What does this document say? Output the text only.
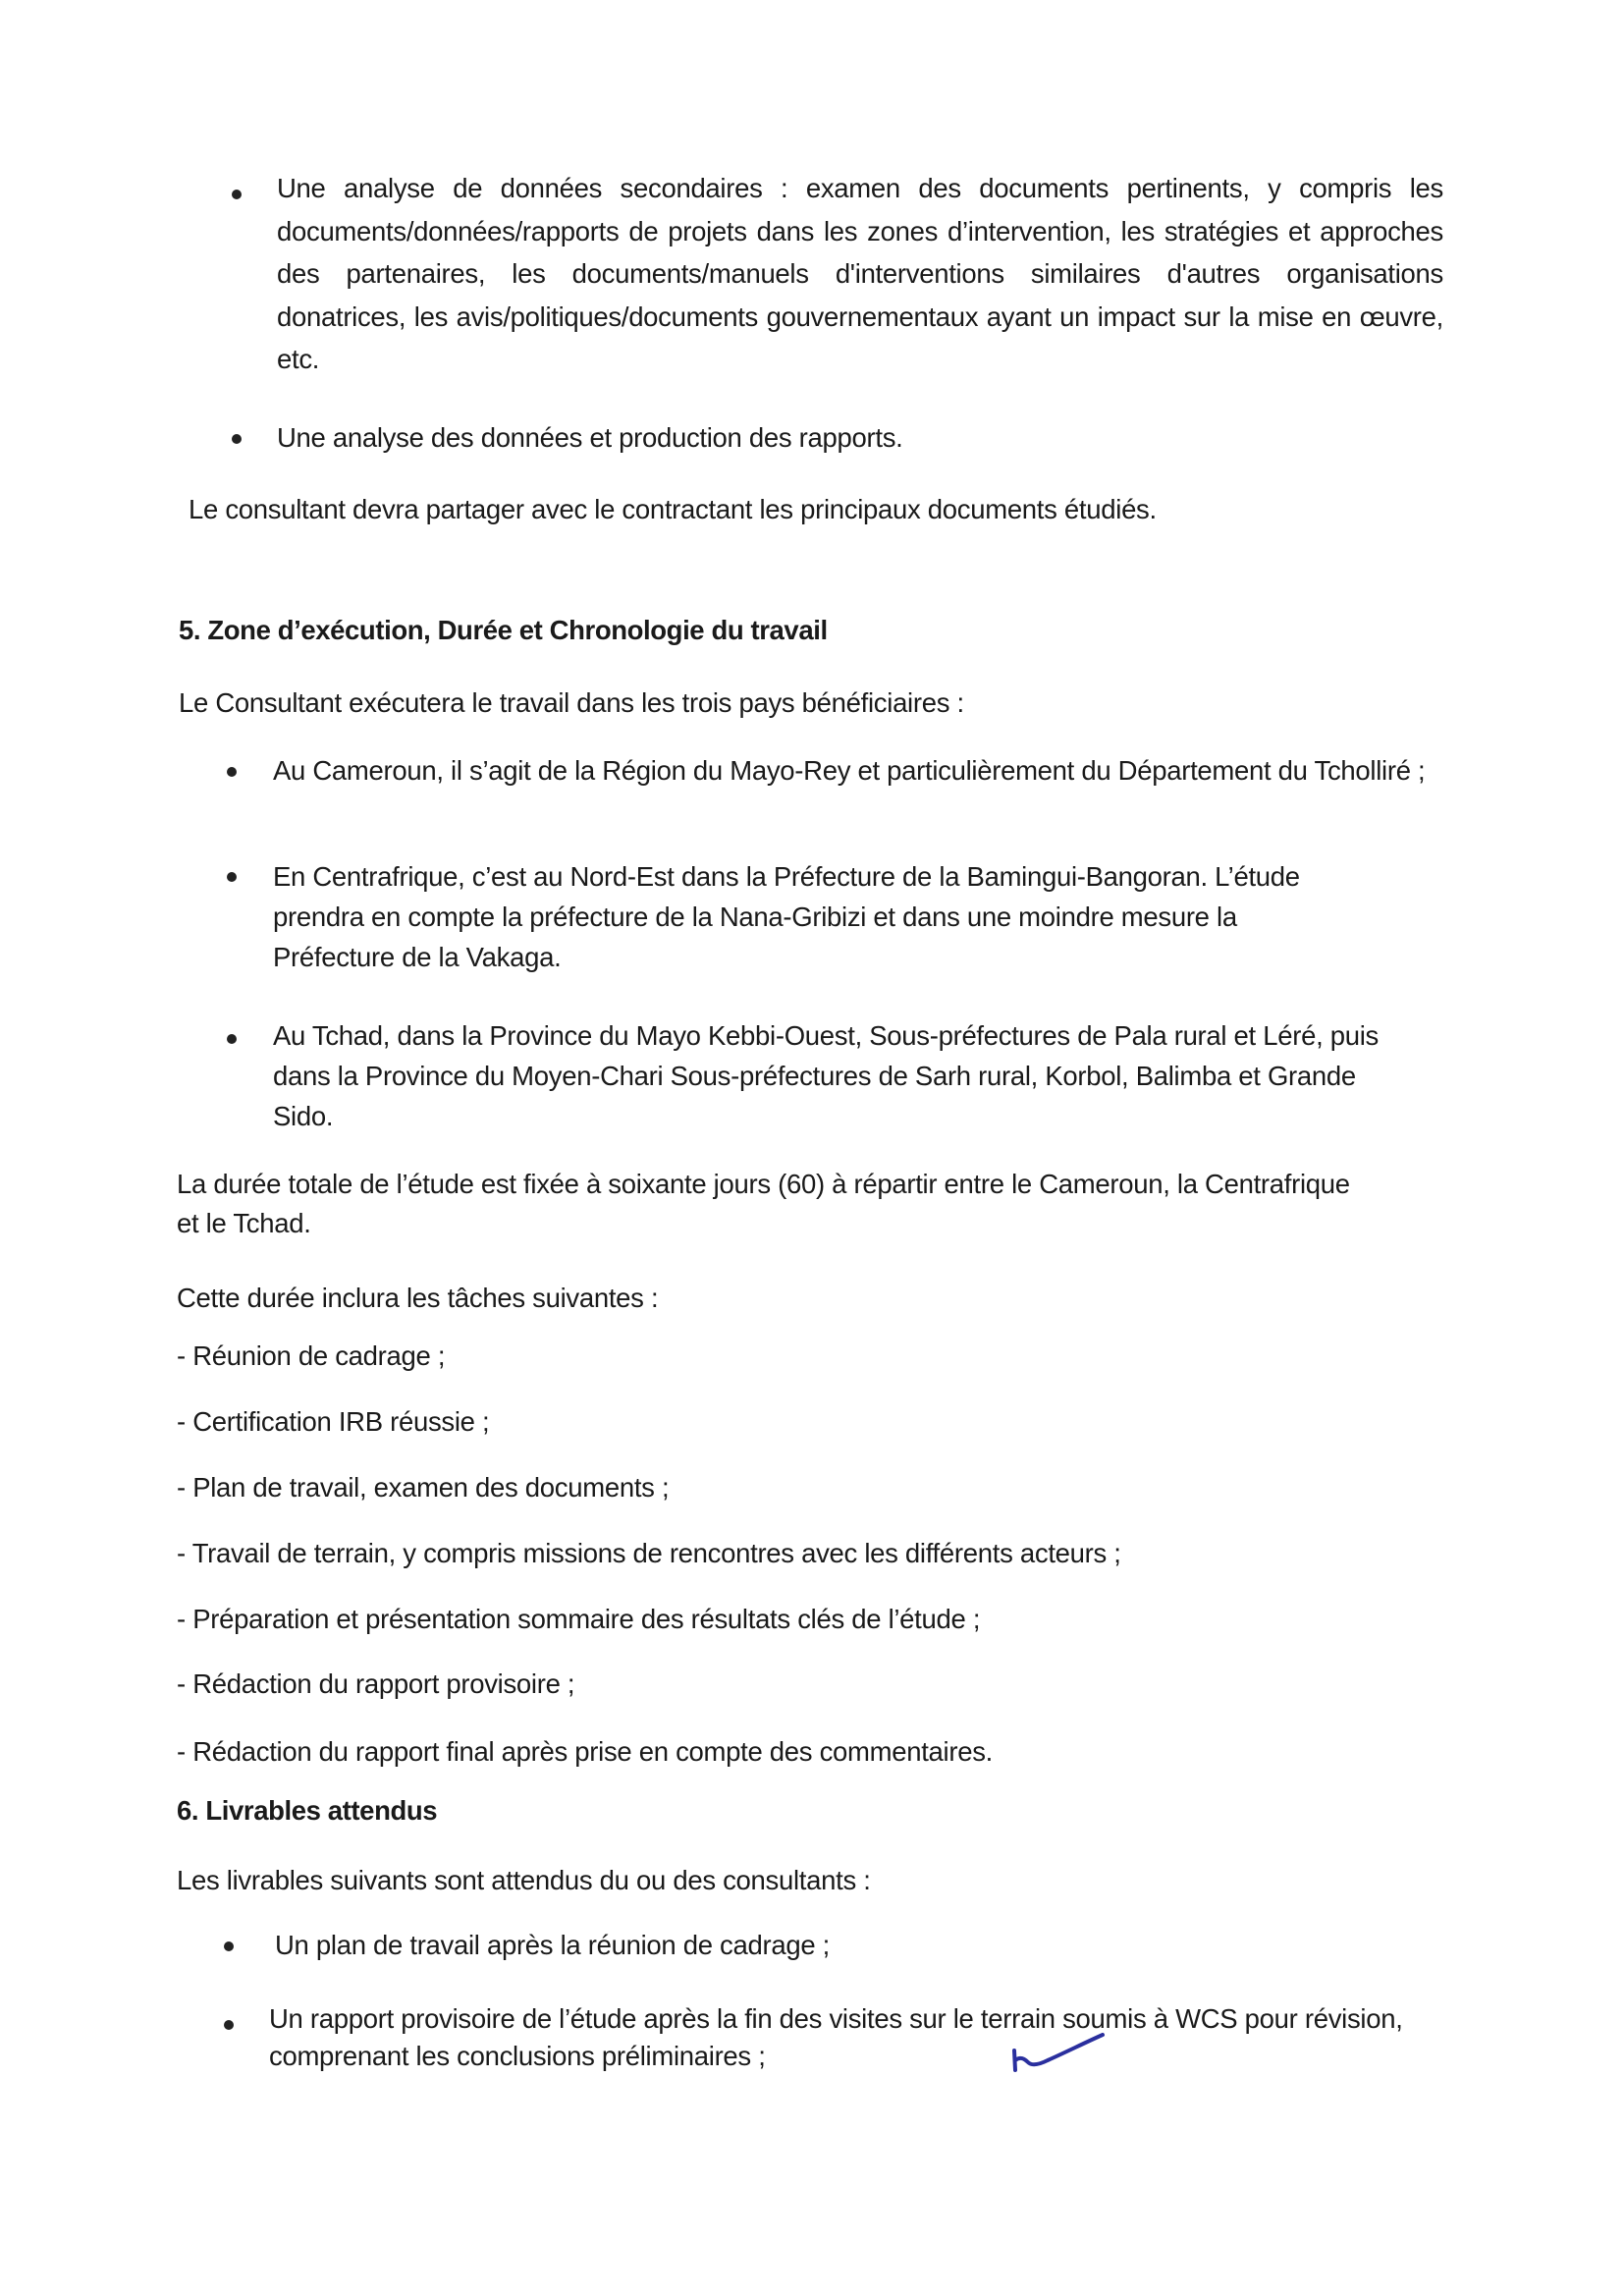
Une analyse de données secondaires : examen des documents pertinents, y compris les documents/données/rapports de projets dans les zones d’intervention, les stratégies et approches des partenaires, les documents/manuels d'interventions similaires d'autres organisations donatrices, les avis/politiques/documents gouvernementaux ayant un impact sur la mise en œuvre, etc.
Une analyse des données et production des rapports.
Le consultant devra partager avec le contractant les principaux documents étudiés.
5. Zone d’exécution, Durée et Chronologie du travail
Le Consultant exécutera le travail dans les trois pays bénéficiaires :
Au Cameroun, il s’agit de la Région du Mayo-Rey et particulièrement du Département du Tcholliré ;
En Centrafrique, c’est au Nord-Est dans la Préfecture de la Bamingui-Bangoran. L’étude prendra en compte la préfecture de la Nana-Gribizi et dans une moindre mesure la Préfecture de la Vakaga.
Au Tchad, dans la Province du Mayo Kebbi-Ouest, Sous-préfectures de Pala rural et Léré, puis dans la Province du Moyen-Chari Sous-préfectures de Sarh rural, Korbol, Balimba et Grande Sido.
La durée totale de l’étude est fixée à soixante jours (60) à répartir entre le Cameroun, la Centrafrique et le Tchad.
Cette durée inclura les tâches suivantes :
- Réunion de cadrage ;
- Certification IRB réussie ;
- Plan de travail, examen des documents ;
- Travail de terrain, y compris missions de rencontres avec les différents acteurs ;
- Préparation et présentation sommaire des résultats clés de l’étude ;
- Rédaction du rapport provisoire ;
- Rédaction du rapport final après prise en compte des commentaires.
6. Livrables attendus
Les livrables suivants sont attendus du ou des consultants :
Un plan de travail après la réunion de cadrage ;
Un rapport provisoire de l’étude après la fin des visites sur le terrain soumis à WCS pour révision, comprenant les conclusions préliminaires ;
